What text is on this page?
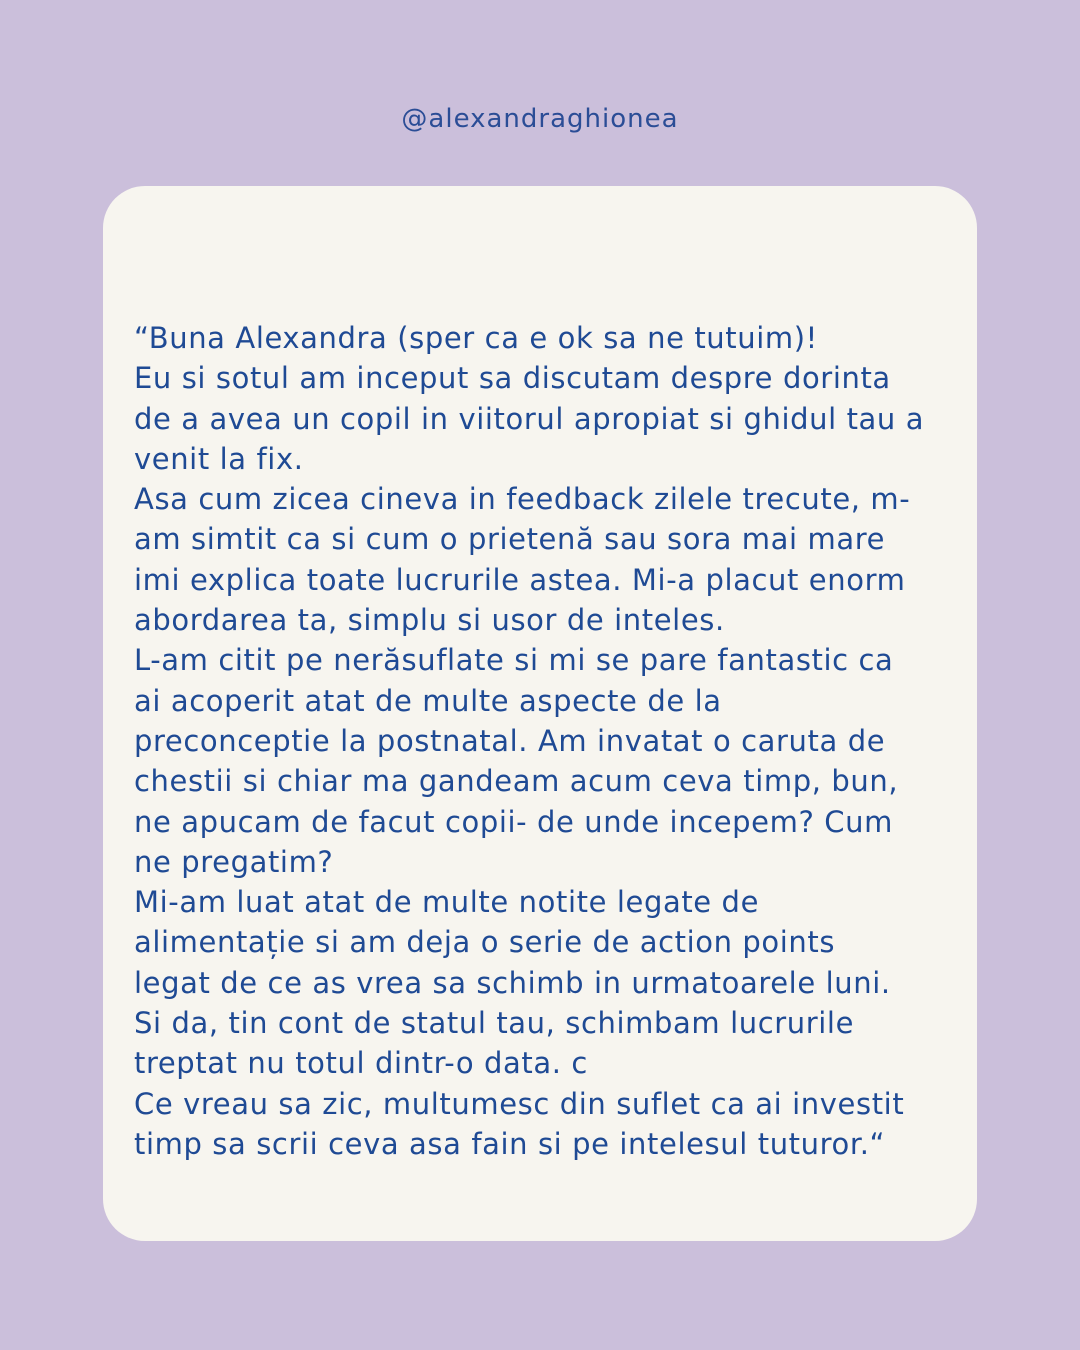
@alexandraghionea
“Buna Alexandra (sper ca e ok sa ne tutuim)!
Eu si sotul am inceput sa discutam despre dorinta
de a avea un copil in viitorul apropiat si ghidul tau a
venit la fix.
Asa cum zicea cineva in feedback zilele trecute, m-
am simtit ca si cum o prietenă sau sora mai mare
imi explica toate lucrurile astea. Mi-a placut enorm
abordarea ta, simplu si usor de inteles.
L-am citit pe nerăsuflate si mi se pare fantastic ca
ai acoperit atat de multe aspecte de la
preconceptie la postnatal. Am invatat o caruta de
chestii si chiar ma gandeam acum ceva timp, bun,
ne apucam de facut copii- de unde incepem? Cum
ne pregatim?
Mi-am luat atat de multe notite legate de
alimentație si am deja o serie de action points
legat de ce as vrea sa schimb in urmatoarele luni.
Si da, tin cont de statul tau, schimbam lucrurile
treptat nu totul dintr-o data. c
Ce vreau sa zic, multumesc din suflet ca ai investit
timp sa scrii ceva asa fain si pe intelesul tuturor.“
